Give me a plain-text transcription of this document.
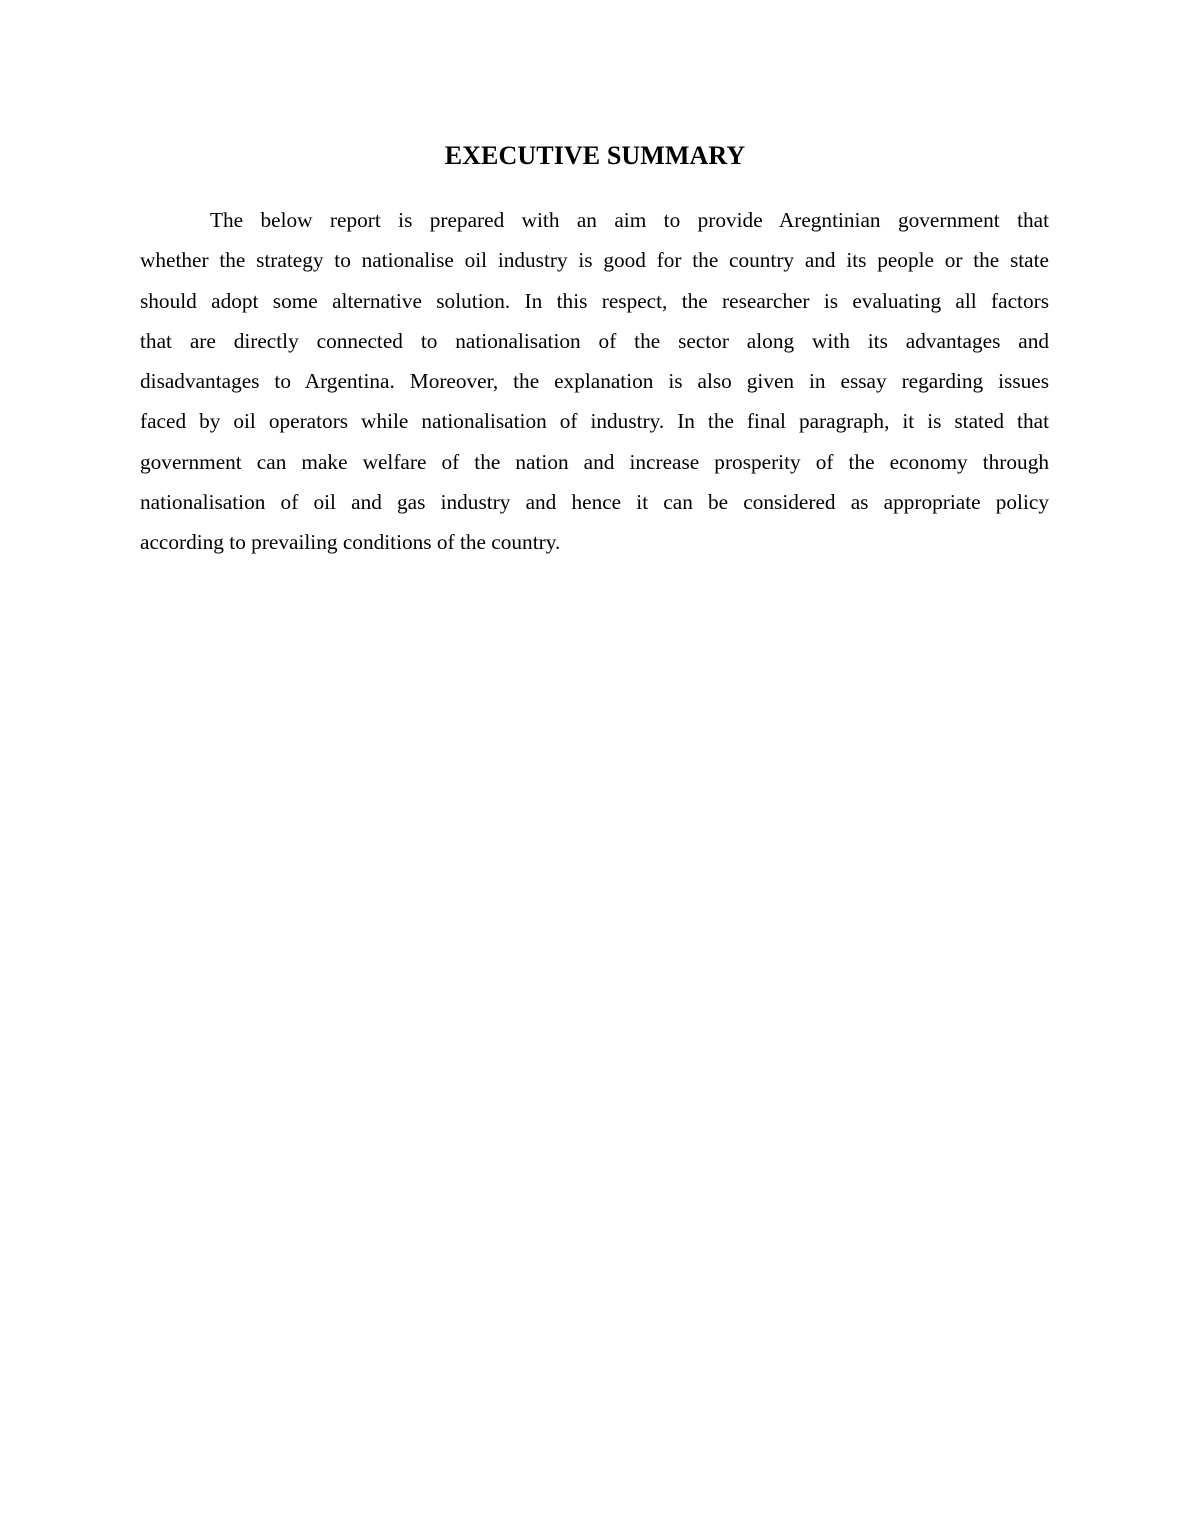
EXECUTIVE SUMMARY
The below report is prepared with an aim to provide Aregntinian government that
whether the strategy to nationalise oil industry is good for the country and its people or the state
should adopt some alternative solution. In this respect, the researcher is evaluating all factors
that are directly connected to nationalisation of the sector along with its advantages and
disadvantages to Argentina. Moreover, the explanation is also given in essay regarding issues
faced by oil operators while nationalisation of industry. In the final paragraph, it is stated that
government can make welfare of the nation and increase prosperity of the economy through
nationalisation of oil and gas industry and hence it can be considered as appropriate policy
according to prevailing conditions of the country.
